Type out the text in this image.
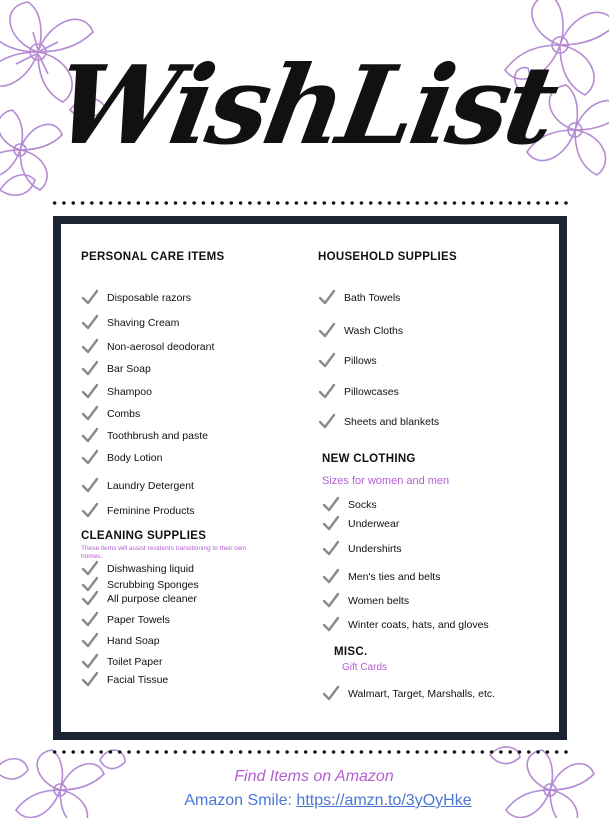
WishList
PERSONAL CARE ITEMS
Disposable razors
Shaving Cream
Non-aerosol deodorant
Bar Soap
Shampoo
Combs
Toothbrush and paste
Body Lotion
Laundry Detergent
Feminine Products
CLEANING SUPPLIES
These items will assist residents transitioning to their own
homes.
Dishwashing liquid
Scrubbing Sponges
All purpose cleaner
Paper Towels
Hand Soap
Toilet Paper
Facial Tissue
HOUSEHOLD SUPPLIES
Bath Towels
Wash Cloths
Pillows
Pillowcases
Sheets and blankets
NEW CLOTHING
Sizes for women and men
Socks
Underwear
Undershirts
Men's ties and belts
Women belts
Winter coats, hats, and gloves
MISC.
Gift Cards
Walmart, Target, Marshalls, etc.
Find Items on Amazon
Amazon Smile: https://amzn.to/3yOyHke
